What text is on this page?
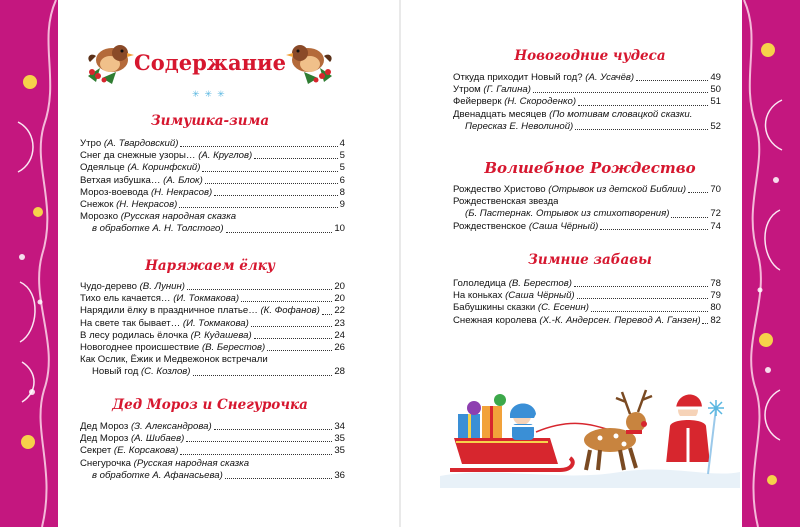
Содержание
✳✳✳
Зимушка-зима
Утро (А. Твардовский)	4
Снег да снежные узоры… (А. Круглов)	5
Одеяльце (А. Коринфский)	5
Ветхая избушка… (А. Блок)	6
Мороз-воевода (Н. Некрасов)	8
Снежок (Н. Некрасов)	9
Морозко (Русская народная сказка
в обработке А. Н. Толстого)	10
Наряжаем ёлку
Чудо-дерево (В. Лунин)	20
Тихо ель качается… (И. Токмакова)	20
Нарядили ёлку в праздничное платье… (К. Фофанов) 22
На свете так бывает… (И. Токмакова)	23
В лесу родилась ёлочка (Р. Кудашева)	24
Новогоднее происшествие (В. Берестов)	26
Как Ослик, Ёжик и Медвежонок встречали
Новый год (С. Козлов)	28
Дед Мороз и Снегурочка
Дед Мороз (З. Александрова)	34
Дед Мороз (А. Шибаев)	35
Секрет (Е. Корсакова)	35
Снегурочка (Русская народная сказка
в обработке А. Афанасьева)	36
Новогодние чудеса
Откуда приходит Новый год? (А. Усачёв)	49
Утром (Г. Галина)	50
Фейерверк (Н. Скороденко)	51
Двенадцать месяцев (По мотивам словацкой сказки.
Пересказ Е. Неволиной)	52
Волшебное Рождество
Рождество Христово (Отрывок из детской Библии)	70
Рождественская звезда
(Б. Пастернак. Отрывок из стихотворения)	72
Рождественское (Саша Чёрный)	74
Зимние забавы
Гололедица (В. Берестов)	78
На коньках (Саша Чёрный)	79
Бабушкины сказки (С. Есенин)	80
Снежная королева (Х.-К. Андерсен. Перевод А. Ганзен) 82
